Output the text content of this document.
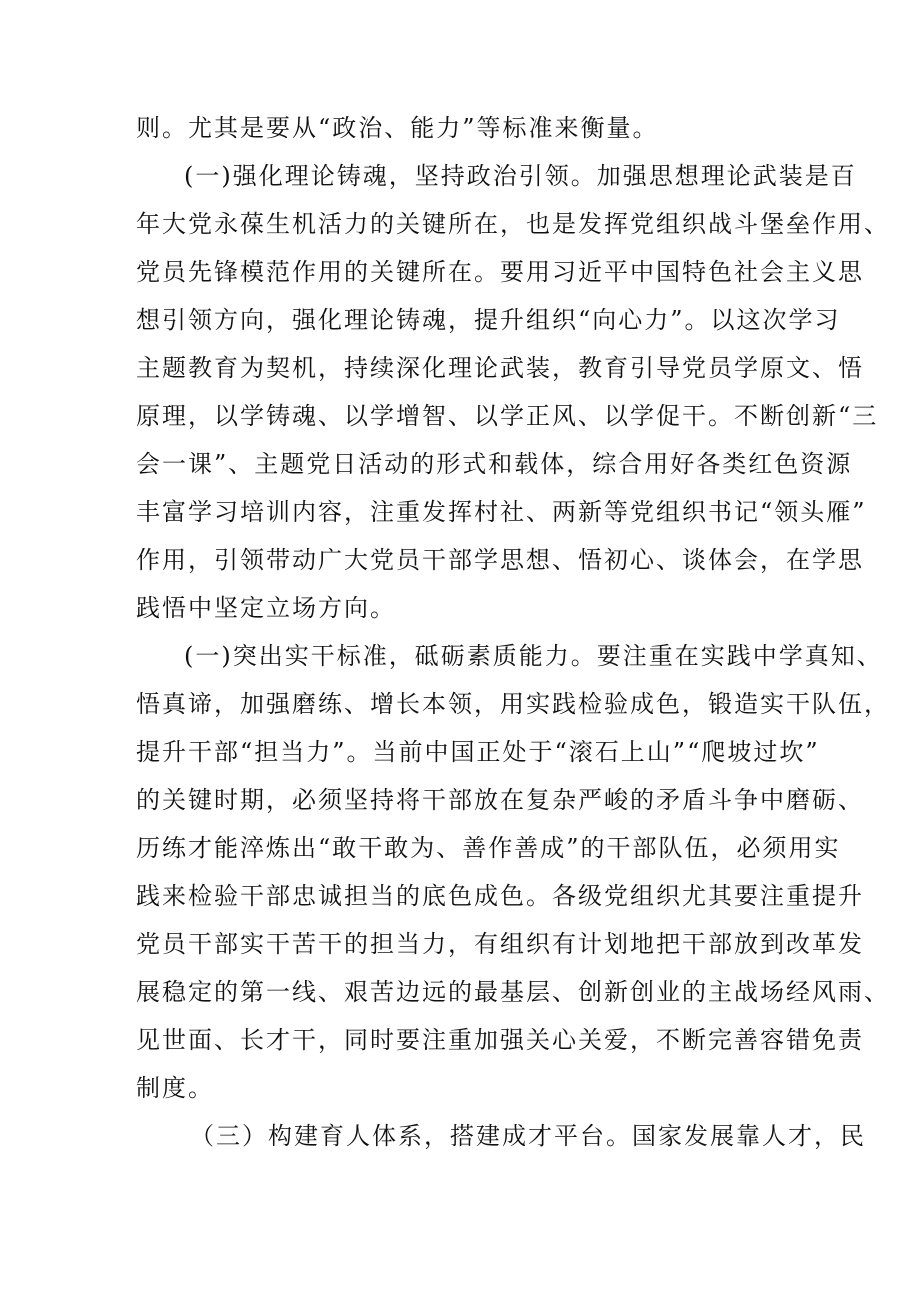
则。尤其是要从“政治、能力”等标准来衡量。
(一)强化理论铸魂，坚持政治引领。加强思想理论武装是百
年大党永葆生机活力的关键所在，也是发挥党组织战斗堡垒作用、
党员先锋模范作用的关键所在。要用习近平中国特色社会主义思
想引领方向，强化理论铸魂，提升组织“向心力”。以这次学习
主题教育为契机，持续深化理论武装，教育引导党员学原文、悟
原理，以学铸魂、以学增智、以学正风、以学促干。不断创新“三
会一课”、主题党日活动的形式和载体，综合用好各类红色资源
丰富学习培训内容，注重发挥村社、两新等党组织书记“领头雁”
作用，引领带动广大党员干部学思想、悟初心、谈体会，在学思
践悟中坚定立场方向。
(一)突出实干标准，砥砺素质能力。要注重在实践中学真知、
悟真谛，加强磨练、增长本领，用实践检验成色，锻造实干队伍，
提升干部“担当力”。当前中国正处于“滚石上山”“爬坡过坎”
的关键时期，必须坚持将干部放在复杂严峻的矛盾斗争中磨砺、
历练才能淬炼出“敢干敢为、善作善成”的干部队伍，必须用实
践来检验干部忠诚担当的底色成色。各级党组织尤其要注重提升
党员干部实干苦干的担当力，有组织有计划地把干部放到改革发
展稳定的第一线、艰苦边远的最基层、创新创业的主战场经风雨、
见世面、长才干，同时要注重加强关心关爱，不断完善容错免责
制度。
（三）构建育人体系，搭建成才平台。国家发展靠人才，民
